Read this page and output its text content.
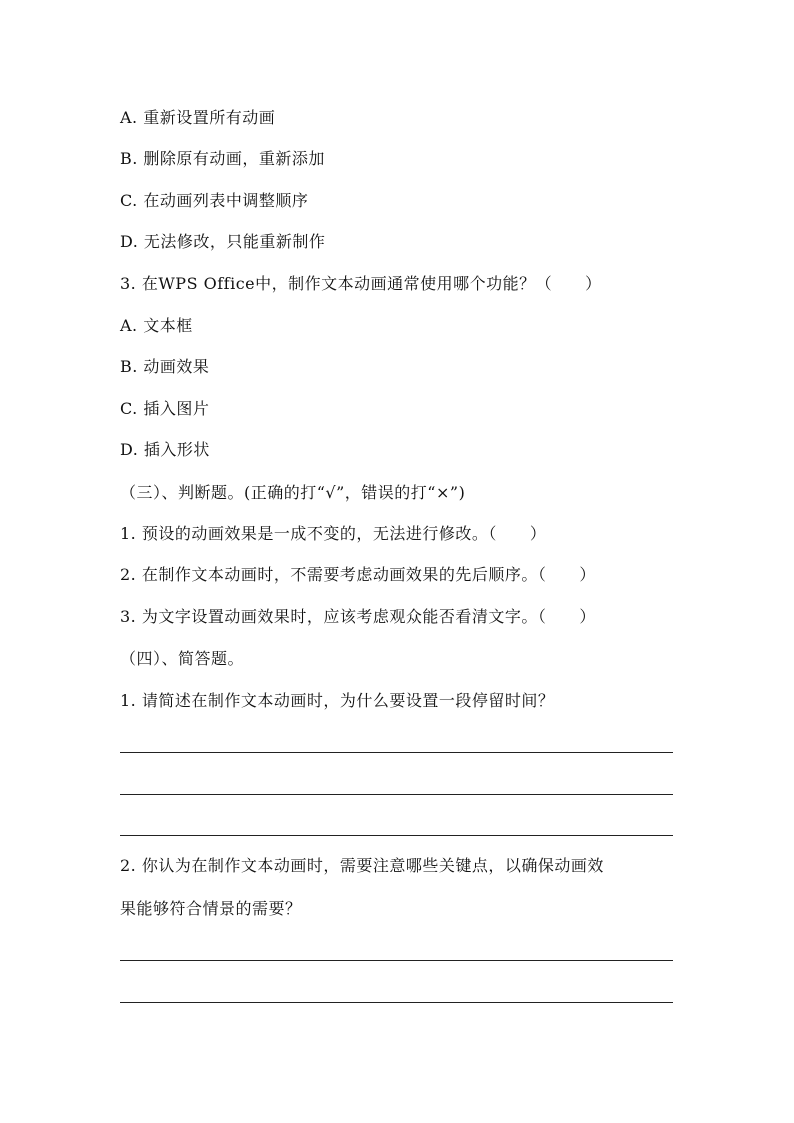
A. 重新设置所有动画
B. 删除原有动画，重新添加
C. 在动画列表中调整顺序
D. 无法修改，只能重新制作
3. 在WPS Office中，制作文本动画通常使用哪个功能？（　　）
A. 文本框
B. 动画效果
C. 插入图片
D. 插入形状
（三）、判断题。(正确的打“√”，错误的打“×”)
1. 预设的动画效果是一成不变的，无法进行修改。（　　）
2. 在制作文本动画时，不需要考虑动画效果的先后顺序。（　　）
3. 为文字设置动画效果时，应该考虑观众能否看清文字。（　　）
（四）、简答题。
1. 请简述在制作文本动画时，为什么要设置一段停留时间？
2. 你认为在制作文本动画时，需要注意哪些关键点，以确保动画效
果能够符合情景的需要？
